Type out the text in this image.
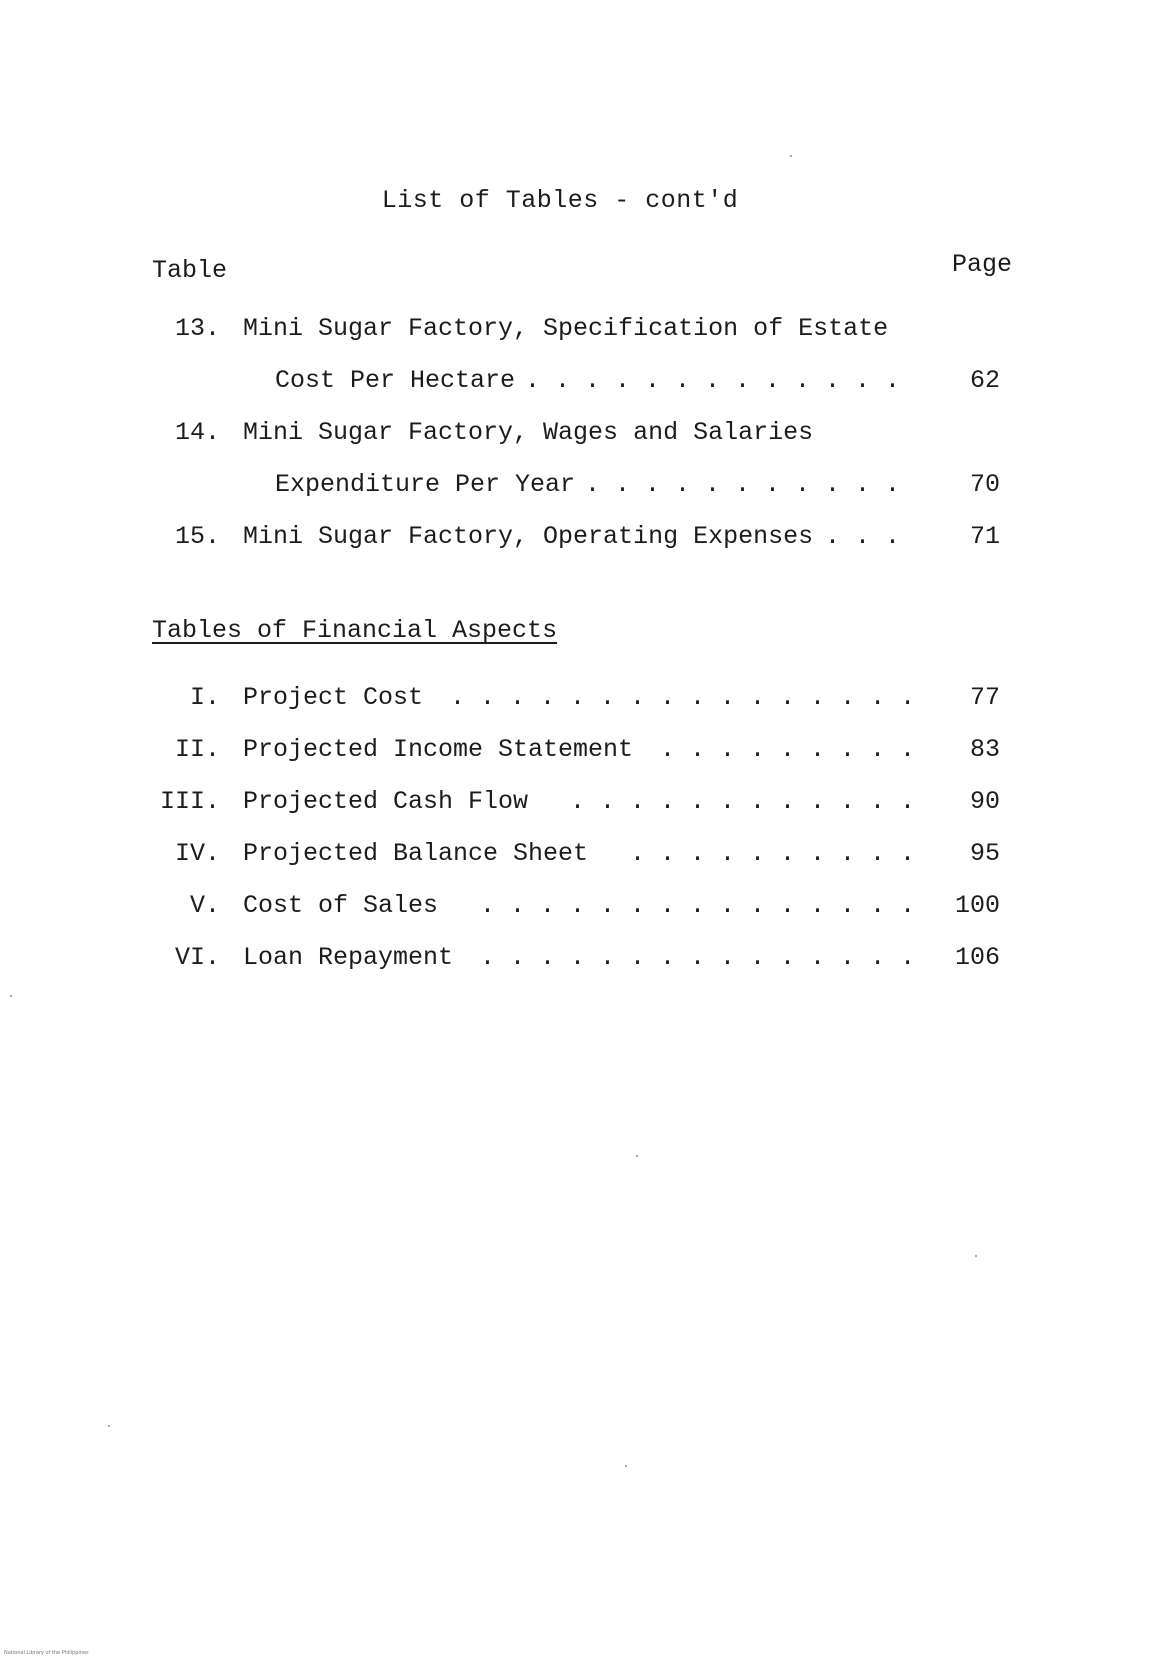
List of Tables - cont'd
Table	Page
13. Mini Sugar Factory, Specification of Estate
Cost Per Hectare . . . . . . . . . . . . .	62
14. Mini Sugar Factory, Wages and Salaries
Expenditure Per Year . . . . . . . . . . .	70
15. Mini Sugar Factory, Operating Expenses . . .	71
Tables of Financial Aspects
I. Project Cost . . . . . . . . . . . . . . . . 77
II. Projected Income Statement . . . . . . . . . 83
III. Projected Cash Flow . . . . . . . . . . . . 90
IV. Projected Balance Sheet . . . . . . . . . . 95
V. Cost of Sales . . . . . . . . . . . . . . . 100
VI. Loan Repayment . . . . . . . . . . . . . . . 106
National Library of the Philippines
